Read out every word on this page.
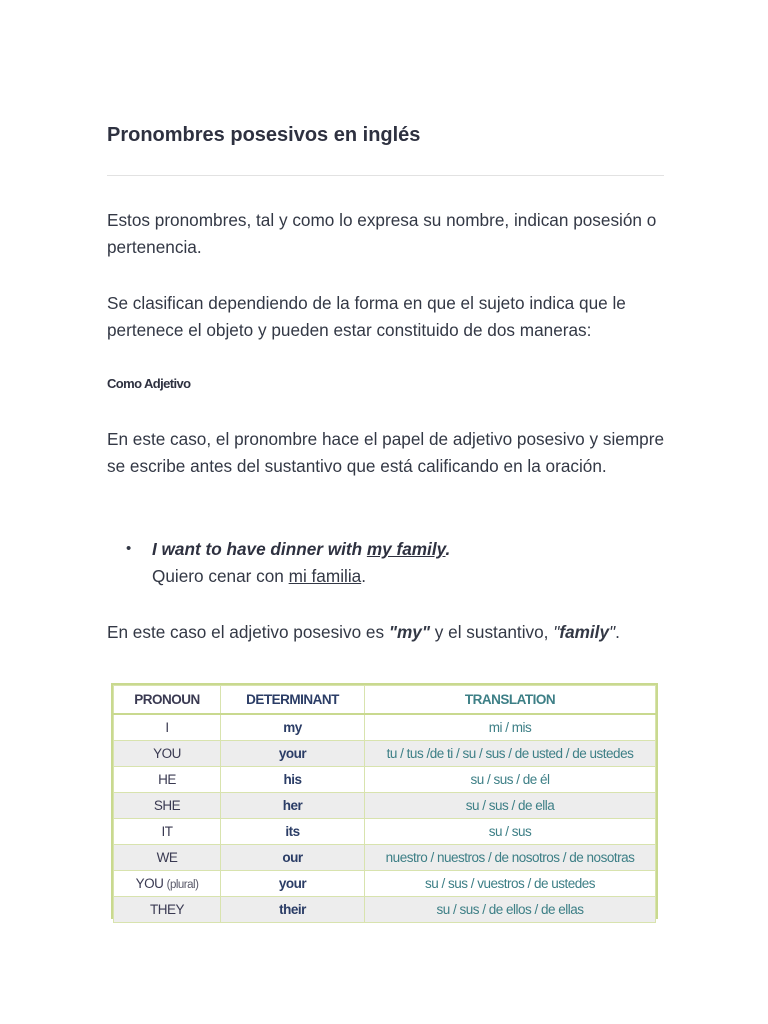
Pronombres posesivos en inglés

Estos pronombres, tal y como lo expresa su nombre, indican posesión o pertenencia.

Se clasifican dependiendo de la forma en que el sujeto indica que le pertenece el objeto y pueden estar constituido de dos maneras:

Como Adjetivo

En este caso, el pronombre hace el papel de adjetivo posesivo y siempre se escribe antes del sustantivo que está calificando en la oración.

• I want to have dinner with my family.
Quiero cenar con mi familia.

En este caso el adjetivo posesivo es "my" y el sustantivo, "family".

PRONOUN	DETERMINANT	TRANSLATION
I	my	mi / mis
YOU	your	tu / tus /de ti / su / sus / de usted / de ustedes
HE	his	su / sus / de él
SHE	her	su / sus / de ella
IT	its	su / sus
WE	our	nuestro / nuestros / de nosotros / de nosotras
YOU (plural)	your	su / sus / vuestros / de ustedes
THEY	their	su / sus / de ellos / de ellas
